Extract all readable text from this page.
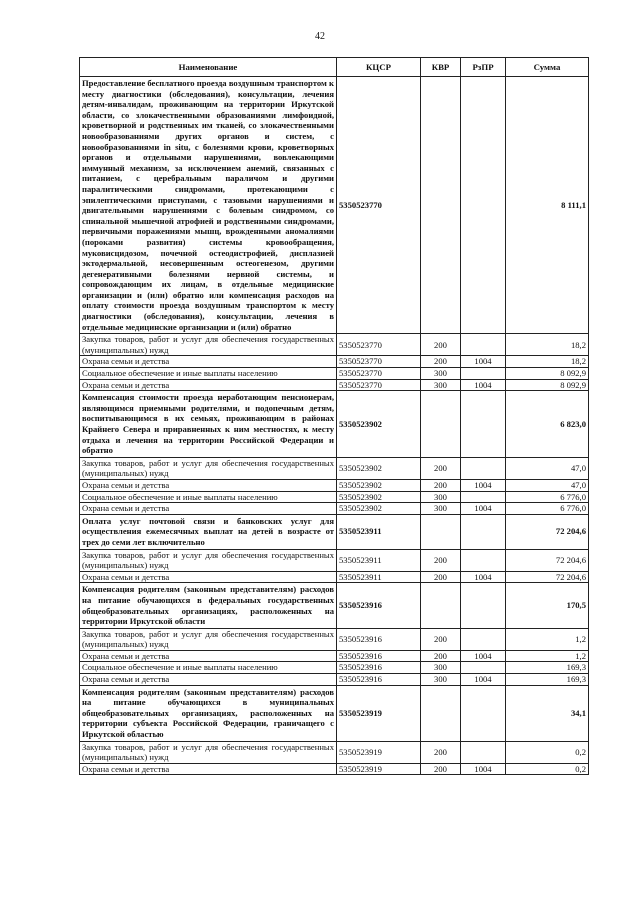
42
Наименование	КЦСР	КВР	РзПР	Сумма
Предоставление бесплатного проезда воздушным транспортом к месту диагностики (обследования), консультации, лечения детям-инвалидам, проживающим на территории Иркутской области, со злокачественными образованиями лимфоидной, кроветворной и родственных им тканей, со злокачественными новообразованиями других органов и систем, с новообразованиями in situ, с болезнями крови, кроветворных органов и отдельными нарушениями, вовлекающими иммунный механизм, за исключением анемий, связанных с питанием, с церебральным параличом и другими паралитическими синдромами, протекающими с эпилептическими приступами, с тазовыми нарушениями и двигательными нарушениями с болевым синдромом, со спинальной мышечной атрофией и родственными синдромами, первичными поражениями мышц, врожденными аномалиями (пороками развития) системы кровообращения, муковисцидозом, почечной остеодистрофией, дисплазией эктодермальной, несовершенным остеогенезом, другими дегенеративными болезнями нервной системы, и сопровождающим их лицам, в отдельные медицинские организации и (или) обратно или компенсация расходов на оплату стоимости проезда воздушным транспортом к месту диагностики (обследования), консультации, лечения в отдельные медицинские организации и (или) обратно	5350523770			8 111,1
Закупка товаров, работ и услуг для обеспечения государственных (муниципальных) нужд	5350523770	200		18,2
Охрана семьи и детства	5350523770	200	1004	18,2
Социальное обеспечение и иные выплаты населению	5350523770	300		8 092,9
Охрана семьи и детства	5350523770	300	1004	8 092,9
Компенсация стоимости проезда неработающим пенсионерам, являющимся приемными родителями, и подопечным детям, воспитывающимся в их семьях, проживающим в районах Крайнего Севера и приравненных к ним местностях, к месту отдыха и лечения на территории Российской Федерации и обратно	5350523902			6 823,0
Закупка товаров, работ и услуг для обеспечения государственных (муниципальных) нужд	5350523902	200		47,0
Охрана семьи и детства	5350523902	200	1004	47,0
Социальное обеспечение и иные выплаты населению	5350523902	300		6 776,0
Охрана семьи и детства	5350523902	300	1004	6 776,0
Оплата услуг почтовой связи и банковских услуг для осуществления ежемесячных выплат на детей в возрасте от трех до семи лет включительно	5350523911			72 204,6
Закупка товаров, работ и услуг для обеспечения государственных (муниципальных) нужд	5350523911	200		72 204,6
Охрана семьи и детства	5350523911	200	1004	72 204,6
Компенсация родителям (законным представителям) расходов на питание обучающихся в федеральных государственных общеобразовательных организациях, расположенных на территории Иркутской области	5350523916			170,5
Закупка товаров, работ и услуг для обеспечения государственных (муниципальных) нужд	5350523916	200		1,2
Охрана семьи и детства	5350523916	200	1004	1,2
Социальное обеспечение и иные выплаты населению	5350523916	300		169,3
Охрана семьи и детства	5350523916	300	1004	169,3
Компенсация родителям (законным представителям) расходов на питание обучающихся в муниципальных общеобразовательных организациях, расположенных на территории субъекта Российской Федерации, граничащего с Иркутской областью	5350523919			34,1
Закупка товаров, работ и услуг для обеспечения государственных (муниципальных) нужд	5350523919	200		0,2
Охрана семьи и детства	5350523919	200	1004	0,2
